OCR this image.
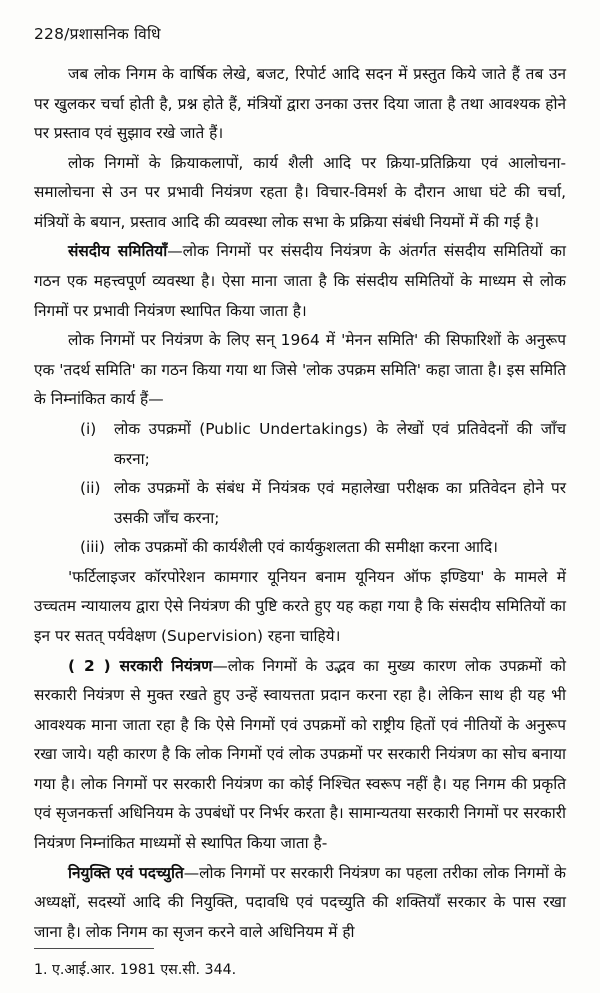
228/प्रशासनिक विधि

जब लोक निगम के वार्षिक लेखे, बजट, रिपोर्ट आदि सदन में प्रस्तुत किये जाते हैं तब उन पर खुलकर चर्चा होती है, प्रश्न होते हैं, मंत्रियों द्वारा उनका उत्तर दिया जाता है तथा आवश्यक होने पर प्रस्ताव एवं सुझाव रखे जाते हैं।

लोक निगमों के क्रियाकलापों, कार्य शैली आदि पर क्रिया-प्रतिक्रिया एवं आलोचना-समालोचना से उन पर प्रभावी नियंत्रण रहता है। विचार-विमर्श के दौरान आधा घंटे की चर्चा, मंत्रियों के बयान, प्रस्ताव आदि की व्यवस्था लोक सभा के प्रक्रिया संबंधी नियमों में की गई है।

संसदीय समितियाँ—लोक निगमों पर संसदीय नियंत्रण के अंतर्गत संसदीय समितियों का गठन एक महत्त्वपूर्ण व्यवस्था है। ऐसा माना जाता है कि संसदीय समितियों के माध्यम से लोक निगमों पर प्रभावी नियंत्रण स्थापित किया जाता है।

लोक निगमों पर नियंत्रण के लिए सन् 1964 में 'मेनन समिति' की सिफारिशों के अनुरूप एक 'तदर्थ समिति' का गठन किया गया था जिसे 'लोक उपक्रम समिति' कहा जाता है। इस समिति के निम्नांकित कार्य हैं—

(i)	लोक उपक्रमों (Public Undertakings) के लेखों एवं प्रतिवेदनों की जाँच करना;
(ii) लोक उपक्रमों के संबंध में नियंत्रक एवं महालेखा परीक्षक का प्रतिवेदन होने पर उसकी जाँच करना;
(iii) लोक उपक्रमों की कार्यशैली एवं कार्यकुशलता की समीक्षा करना आदि।

'फर्टिलाइजर कॉरपोरेशन कामगार यूनियन बनाम यूनियन ऑफ इण्डिया' के मामले में उच्चतम न्यायालय द्वारा ऐसे नियंत्रण की पुष्टि करते हुए यह कहा गया है कि संसदीय समितियों का इन पर सतत् पर्यवेक्षण (Supervision) रहना चाहिये।

( 2 ) सरकारी नियंत्रण—लोक निगमों के उद्भव का मुख्य कारण लोक उपक्रमों को सरकारी नियंत्रण से मुक्त रखते हुए उन्हें स्वायत्तता प्रदान करना रहा है। लेकिन साथ ही यह भी आवश्यक माना जाता रहा है कि ऐसे निगमों एवं उपक्रमों को राष्ट्रीय हितों एवं नीतियों के अनुरूप रखा जाये। यही कारण है कि लोक निगमों एवं लोक उपक्रमों पर सरकारी नियंत्रण का सोच बनाया गया है। लोक निगमों पर सरकारी नियंत्रण का कोई निश्चित स्वरूप नहीं है। यह निगम की प्रकृति एवं सृजनकर्त्ता अधिनियम के उपबंधों पर निर्भर करता है। सामान्यतया सरकारी निगमों पर सरकारी नियंत्रण निम्नांकित माध्यमों से स्थापित किया जाता है-

नियुक्ति एवं पदच्युति—लोक निगमों पर सरकारी नियंत्रण का पहला तरीका लोक निगमों के अध्यक्षों, सदस्यों आदि की नियुक्ति, पदावधि एवं पदच्युति की शक्तियाँ सरकार के पास रखा जाना है। लोक निगम का सृजन करने वाले अधिनियम में ही

1. ए.आई.आर. 1981 एस.सी. 344.
